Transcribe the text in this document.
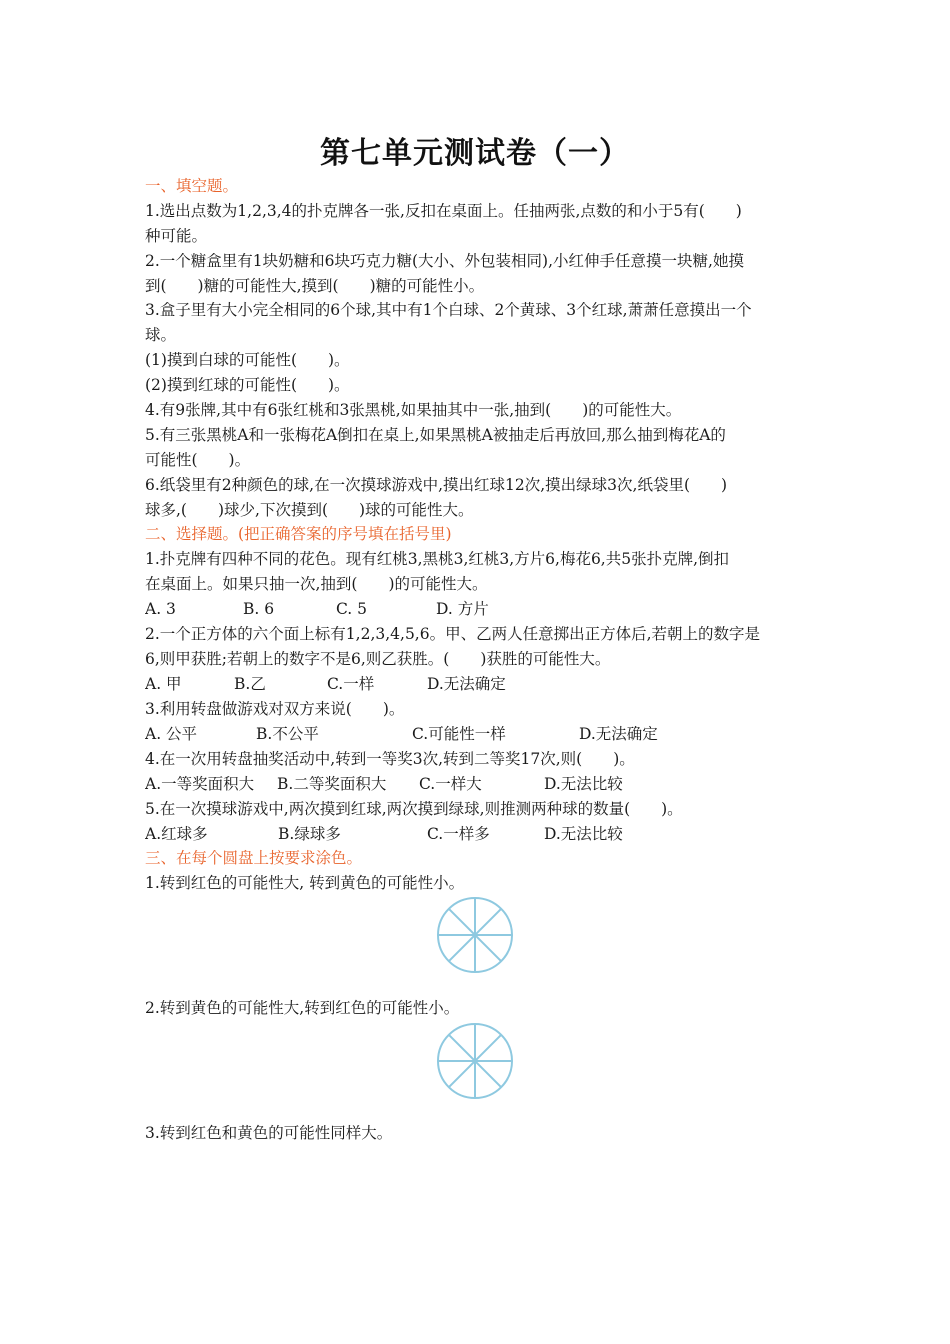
第七单元测试卷（一）
一、填空题。
1.选出点数为1,2,3,4的扑克牌各一张,反扣在桌面上。任抽两张,点数的和小于5有(　　)
种可能。
2.一个糖盒里有1块奶糖和6块巧克力糖(大小、外包装相同),小红伸手任意摸一块糖,她摸
到(　　)糖的可能性大,摸到(　　)糖的可能性小。
3.盒子里有大小完全相同的6个球,其中有1个白球、2个黄球、3个红球,萧萧任意摸出一个
球。
(1)摸到白球的可能性(　　)。
(2)摸到红球的可能性(　　)。
4.有9张牌,其中有6张红桃和3张黑桃,如果抽其中一张,抽到(　　)的可能性大。
5.有三张黑桃A和一张梅花A倒扣在桌上,如果黑桃A被抽走后再放回,那么抽到梅花A的
可能性(　　)。
6.纸袋里有2种颜色的球,在一次摸球游戏中,摸出红球12次,摸出绿球3次,纸袋里(　　)
球多,(　　)球少,下次摸到(　　)球的可能性大。
二、选择题。(把正确答案的序号填在括号里)
1.扑克牌有四种不同的花色。现有红桃3,黑桃3,红桃3,方片6,梅花6,共5张扑克牌,倒扣
在桌面上。如果只抽一次,抽到(　　)的可能性大。
A. 3	B. 6	C. 5	D. 方片
2.一个正方体的六个面上标有1,2,3,4,5,6。甲、乙两人任意掷出正方体后,若朝上的数字是
6,则甲获胜;若朝上的数字不是6,则乙获胜。(　　)获胜的可能性大。
A. 甲	B.乙	C.一样	D.无法确定
3.利用转盘做游戏对双方来说(　　)。
A. 公平	B.不公平	C.可能性一样	D.无法确定
4.在一次用转盘抽奖活动中,转到一等奖3次,转到二等奖17次,则(　　)。
A.一等奖面积大 B.二等奖面积大 C.一样大	D.无法比较
5.在一次摸球游戏中,两次摸到红球,两次摸到绿球,则推测两种球的数量(　　)。
A.红球多	B.绿球多	C.一样多	D.无法比较
三、在每个圆盘上按要求涂色。
1.转到红色的可能性大, 转到黄色的可能性小。
2.转到黄色的可能性大,转到红色的可能性小。
3.转到红色和黄色的可能性同样大。
